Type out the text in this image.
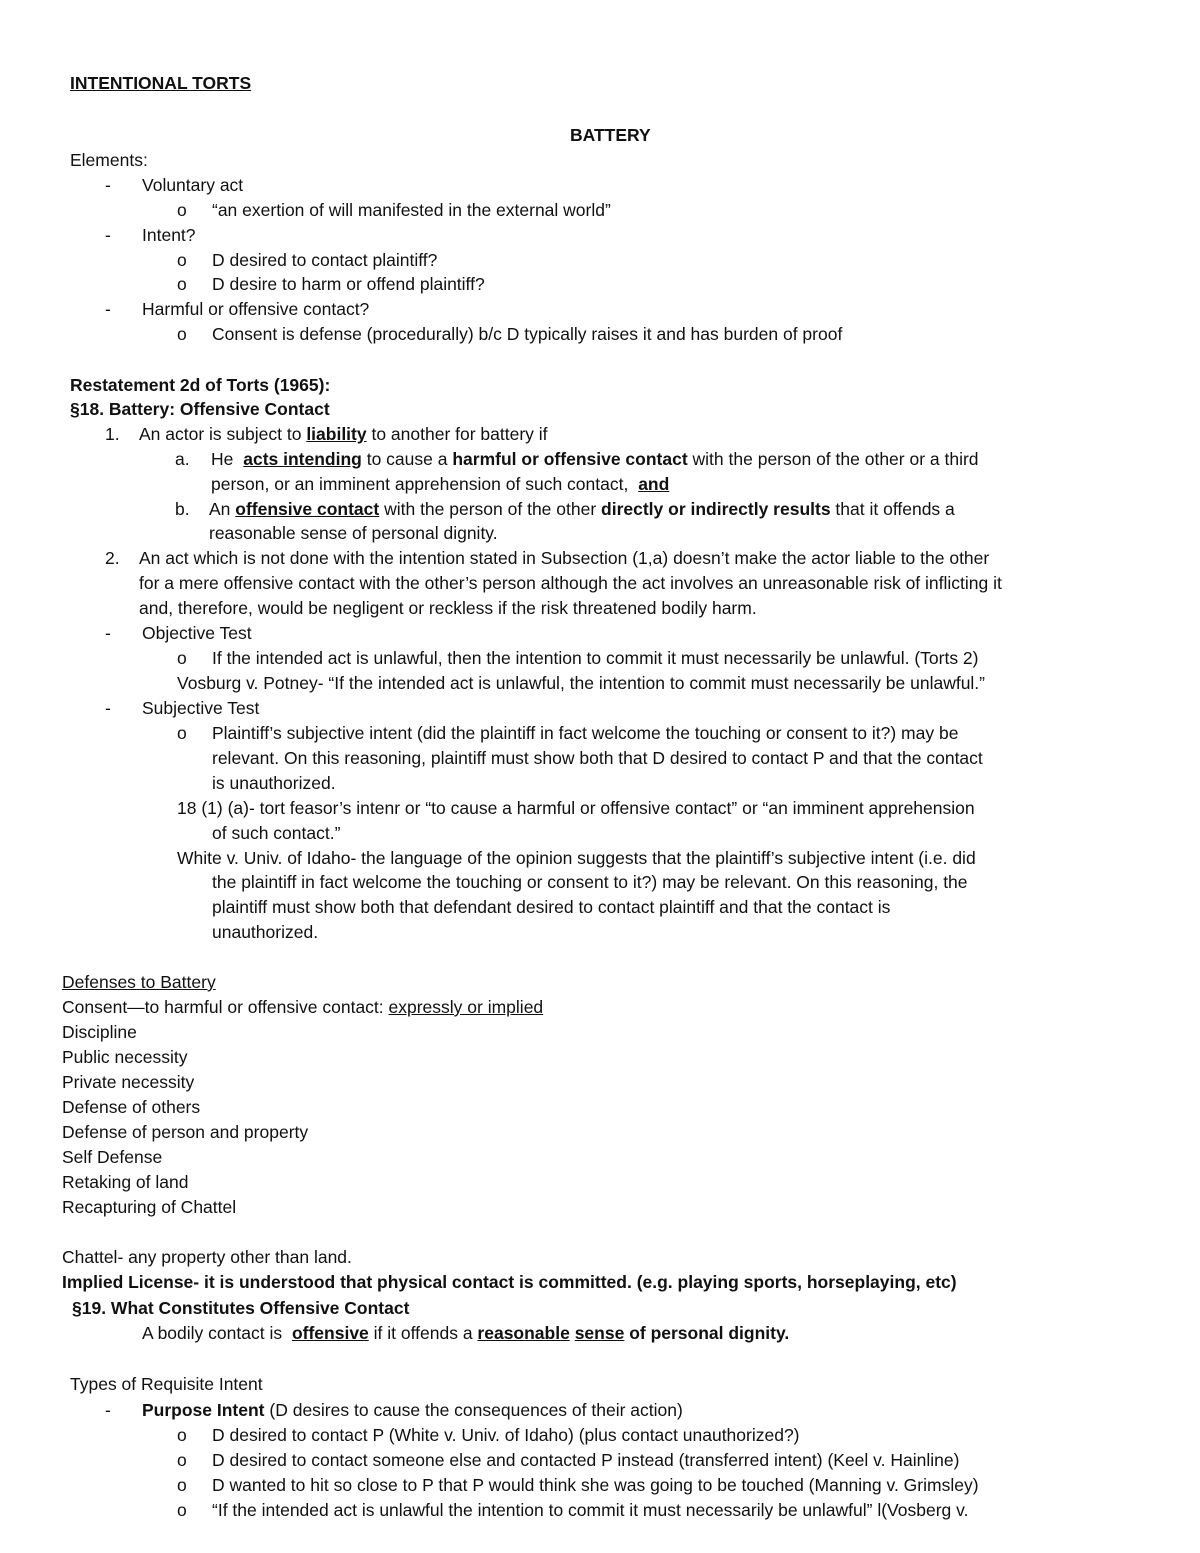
INTENTIONAL TORTS
BATTERY
Elements:
- Voluntary act
o “an exertion of will manifested in the external world”
- Intent?
o D desired to contact plaintiff?
o D desire to harm or offend plaintiff?
- Harmful or offensive contact?
o Consent is defense (procedurally) b/c D typically raises it and has burden of proof
Restatement 2d of Torts (1965):
§18. Battery: Offensive Contact
1. An actor is subject to liability to another for battery if
a. He acts intending to cause a harmful or offensive contact with the person of the other or a third
person, or an imminent apprehension of such contact, and
b. An offensive contact with the person of the other directly or indirectly results that it offends a
reasonable sense of personal dignity.
2. An act which is not done with the intention stated in Subsection (1,a) doesn’t make the actor liable to the other
for a mere offensive contact with the other’s person although the act involves an unreasonable risk of inflicting it
and, therefore, would be negligent or reckless if the risk threatened bodily harm.
- Objective Test
o If the intended act is unlawful, then the intention to commit it must necessarily be unlawful. (Torts 2)
Vosburg v. Potney- “If the intended act is unlawful, the intention to commit must necessarily be unlawful.”
- Subjective Test
o Plaintiff’s subjective intent (did the plaintiff in fact welcome the touching or consent to it?) may be
relevant. On this reasoning, plaintiff must show both that D desired to contact P and that the contact
is unauthorized.
18 (1) (a)- tort feasor’s intenr or “to cause a harmful or offensive contact” or “an imminent apprehension
of such contact.”
White v. Univ. of Idaho- the language of the opinion suggests that the plaintiff’s subjective intent (i.e. did
the plaintiff in fact welcome the touching or consent to it?) may be relevant. On this reasoning, the
plaintiff must show both that defendant desired to contact plaintiff and that the contact is
unauthorized.
Defenses to Battery
Consent—to harmful or offensive contact: expressly or implied
Discipline
Public necessity
Private necessity
Defense of others
Defense of person and property
Self Defense
Retaking of land
Recapturing of Chattel
Chattel- any property other than land.
Implied License- it is understood that physical contact is committed. (e.g. playing sports, horseplaying, etc)
§19. What Constitutes Offensive Contact
A bodily contact is offensive if it offends a reasonable sense of personal dignity.
Types of Requisite Intent
- Purpose Intent (D desires to cause the consequences of their action)
o D desired to contact P (White v. Univ. of Idaho) (plus contact unauthorized?)
o D desired to contact someone else and contacted P instead (transferred intent) (Keel v. Hainline)
o D wanted to hit so close to P that P would think she was going to be touched (Manning v. Grimsley)
o “If the intended act is unlawful the intention to commit it must necessarily be unlawful” l(Vosberg v.
